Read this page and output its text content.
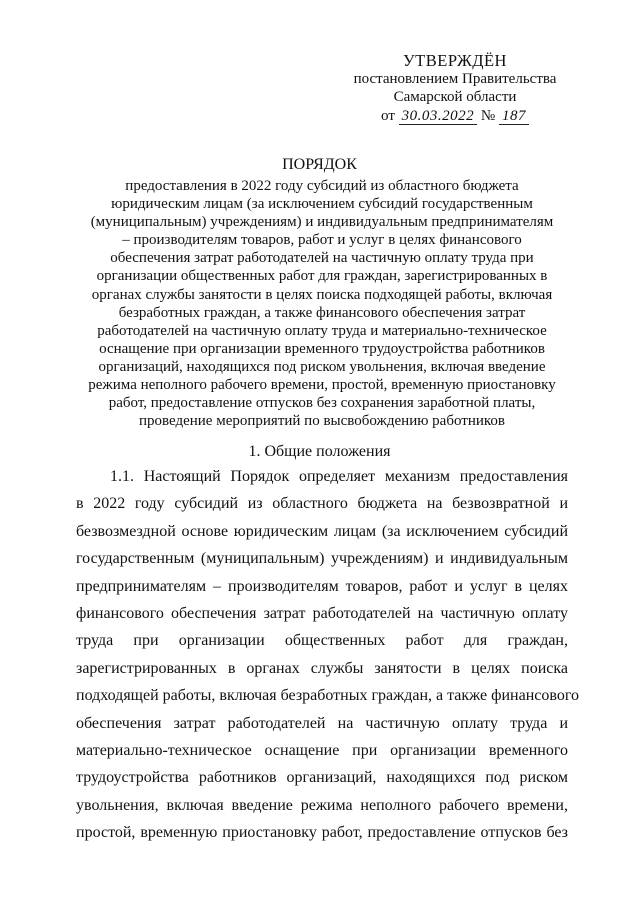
УТВЕРЖДЁН
постановлением Правительства
Самарской области
от 30.03.2022 № 187
ПОРЯДОК
предоставления в 2022 году субсидий из областного бюджета юридическим лицам (за исключением субсидий государственным (муниципальным) учреждениям) и индивидуальным предпринимателям – производителям товаров, работ и услуг в целях финансового обеспечения затрат работодателей на частичную оплату труда при организации общественных работ для граждан, зарегистрированных в органах службы занятости в целях поиска подходящей работы, включая безработных граждан, а также финансового обеспечения затрат работодателей на частичную оплату труда и материально-техническое оснащение при организации временного трудоустройства работников организаций, находящихся под риском увольнения, включая введение режима неполного рабочего времени, простой, временную приостановку работ, предоставление отпусков без сохранения заработной платы, проведение мероприятий по высвобождению работников
1. Общие положения
1.1. Настоящий Порядок определяет механизм предоставления
в 2022 году субсидий из областного бюджета на безвозвратной и
безвозмездной основе юридическим лицам (за исключением субсидий
государственным (муниципальным) учреждениям) и индивидуальным
предпринимателям – производителям товаров, работ и услуг в целях
финансового обеспечения затрат работодателей на частичную оплату
труда при организации общественных работ для граждан,
зарегистрированных в органах службы занятости в целях поиска
подходящей работы, включая безработных граждан, а также финансового
обеспечения затрат работодателей на частичную оплату труда и
материально-техническое оснащение при организации временного
трудоустройства работников организаций, находящихся под риском
увольнения, включая введение режима неполного рабочего времени,
простой, временную приостановку работ, предоставление отпусков без
